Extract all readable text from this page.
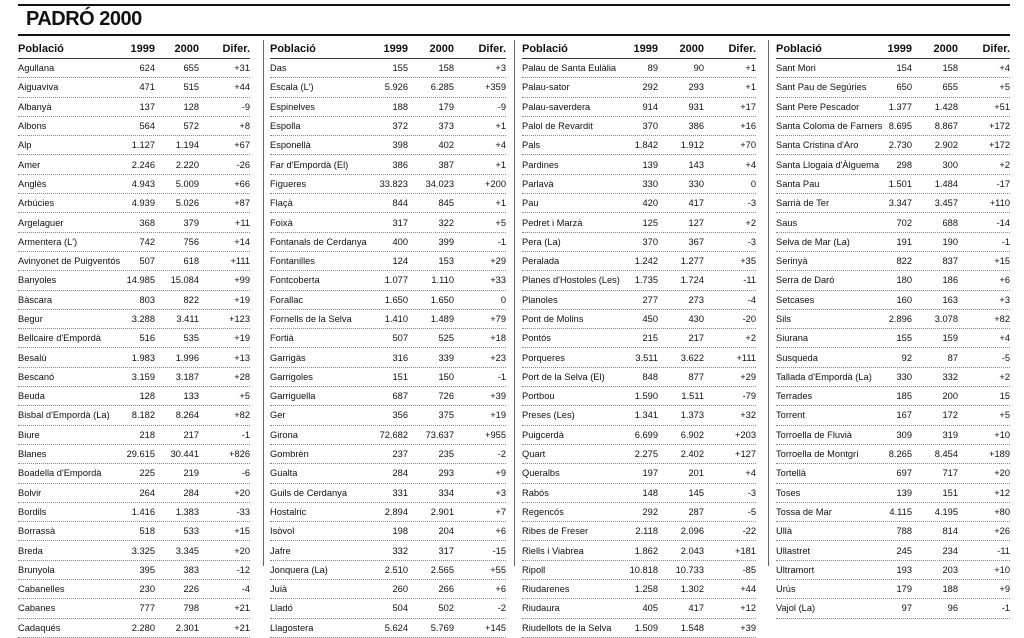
PADRÓ 2000
Població	1999	2000	Difer.
Agullana	624	655	+31
Aiguaviva	471	515	+44
Albanyà	137	128	-9
Albons	564	572	+8
Alp	1.127	1.194	+67
Amer	2.246	2.220	-26
Anglès	4.943	5.009	+66
Arbúcies	4.939	5.026	+87
Argelaguer	368	379	+11
Armentera (L')	742	756	+14
Avinyonet de Puigventós	507	618	+111
Banyoles	14.985	15.084	+99
Bàscara	803	822	+19
Begur	3.288	3.411	+123
Bellcaire d'Empordà	516	535	+19
Besalú	1.983	1.996	+13
Bescanó	3.159	3.187	+28
Beuda	128	133	+5
Bisbal d'Empordà (La)	8.182	8.264	+82
Biure	218	217	-1
Blanes	29.615	30.441	+826
Boadella d'Empordà	225	219	-6
Bolvir	264	284	+20
Bordils	1.416	1.383	-33
Borrassà	518	533	+15
Breda	3.325	3.345	+20
Brunyola	395	383	-12
Cabanelles	230	226	-4
Cabanes	777	798	+21
Cadaqués	2.280	2.301	+21
Població	1999	2000	Difer.
Das	155	158	+3
Escala (L')	5.926	6.285	+359
Espinelves	188	179	-9
Espolla	372	373	+1
Esponellà	398	402	+4
Far d'Empordà (El)	386	387	+1
Figueres	33.823	34.023	+200
Flaçà	844	845	+1
Foixà	317	322	+5
Fontanals de Cerdanya	400	399	-1
Fontanilles	124	153	+29
Fontcoberta	1.077	1.110	+33
Forallac	1.650	1.650	0
Fornells de la Selva	1.410	1.489	+79
Fortià	507	525	+18
Garrigàs	316	339	+23
Garrigoles	151	150	-1
Garriguella	687	726	+39
Ger	356	375	+19
Girona	72.682	73.637	+955
Gombrèn	237	235	-2
Gualta	284	293	+9
Guils de Cerdanya	331	334	+3
Hostalric	2.894	2.901	+7
Isòvol	198	204	+6
Jafre	332	317	-15
Jonquera (La)	2.510	2.565	+55
Juià	260	266	+6
Lladó	504	502	-2
Llagostera	5.624	5.769	+145
Població	1999	2000	Difer.
Palau de Santa Eulàlia	89	90	+1
Palau-sator	292	293	+1
Palau-saverdera	914	931	+17
Palol de Revardit	370	386	+16
Pals	1.842	1.912	+70
Pardines	139	143	+4
Parlavà	330	330	0
Pau	420	417	-3
Pedret i Marzà	125	127	+2
Pera (La)	370	367	-3
Peralada	1.242	1.277	+35
Planes d'Hostoles (Les)	1.735	1.724	-11
Planoles	277	273	-4
Pont de Molins	450	430	-20
Pontós	215	217	+2
Porqueres	3.511	3.622	+111
Port de la Selva (El)	848	877	+29
Portbou	1.590	1.511	-79
Preses (Les)	1.341	1.373	+32
Puigcerdà	6.699	6.902	+203
Quart	2.275	2.402	+127
Queralbs	197	201	+4
Rabós	148	145	-3
Regencós	292	287	-5
Ribes de Freser	2.118	2.096	-22
Riells i Viabrea	1.862	2.043	+181
Ripoll	10.818	10.733	-85
Riudarenes	1.258	1.302	+44
Riudaura	405	417	+12
Riudellots de la Selva	1.509	1.548	+39
Població	1999	2000	Difer.
Sant Mori	154	158	+4
Sant Pau de Segúries	650	655	+5
Sant Pere Pescador	1.377	1.428	+51
Santa Coloma de Farners 8.695	8.867	+172
Santa Cristina d'Aro	2.730	2.902	+172
Santa Llogaia d'Àlguema	298	300	+2
Santa Pau	1.501	1.484	-17
Sarrià de Ter	3.347	3.457	+110
Saus	702	688	-14
Selva de Mar (La)	191	190	-1
Serinyà	822	837	+15
Serra de Daró	180	186	+6
Setcases	160	163	+3
Sils	2.896	3.078	+82
Siurana	155	159	+4
Susqueda	92	87	-5
Tallada d'Empordà (La)	330	332	+2
Terrades	185	200	15
Torrent	167	172	+5
Torroella de Fluvià	309	319	+10
Torroella de Montgrí	8.265	8.454	+189
Tortellà	697	717	+20
Toses	139	151	+12
Tossa de Mar	4.115	4.195	+80
Ullà	788	814	+26
Ullastret	245	234	-11
Ultramort	193	203	+10
Urús	179	188	+9
Vajol (La)	97	96	-1
